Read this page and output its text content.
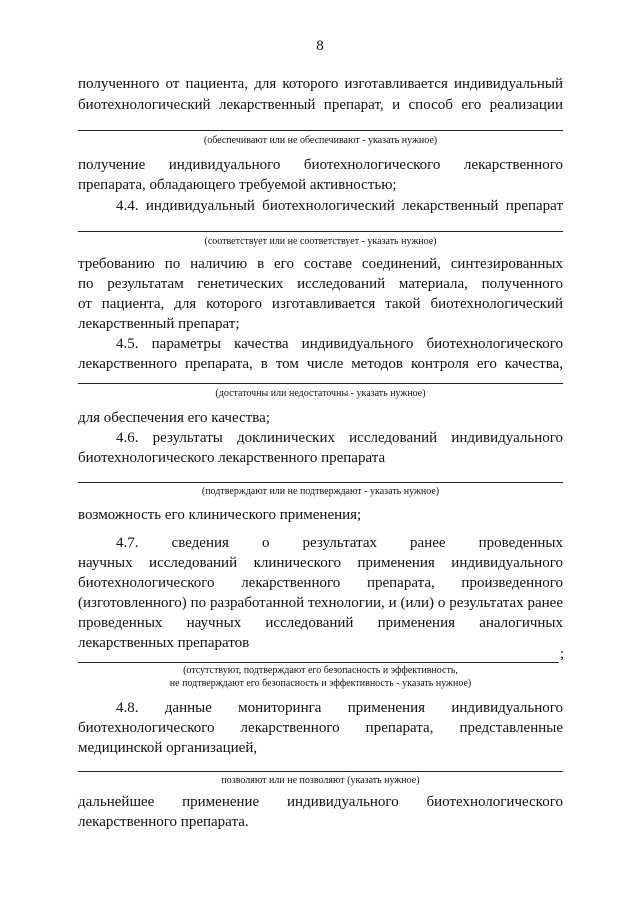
8
полученного от пациента, для которого изготавливается индивидуальный
биотехнологический лекарственный препарат, и способ его реализации
(обеспечивают или не обеспечивают - указать нужное)
получение индивидуального биотехнологического лекарственного
препарата, обладающего требуемой активностью;
4.4. индивидуальный биотехнологический лекарственный препарат
(соответствует или не соответствует - указать нужное)
требованию по наличию в его составе соединений, синтезированных
по результатам генетических исследований материала, полученного
от пациента, для которого изготавливается такой биотехнологический
лекарственный препарат;
4.5. параметры качества индивидуального биотехнологического
лекарственного препарата, в том числе методов контроля его качества,
(достаточны или недостаточны - указать нужное)
для обеспечения его качества;
4.6. результаты доклинических исследований индивидуального
биотехнологического лекарственного препарата
(подтверждают или не подтверждают - указать нужное)
возможность его клинического применения;
4.7. сведения о результатах ранее проведенных
научных исследований клинического применения индивидуального
биотехнологического лекарственного препарата, произведенного
(изготовленного) по разработанной технологии, и (или) о результатах ранее
проведенных научных исследований применения аналогичных
лекарственных препаратов
;
(отсутствуют, подтверждают его безопасность и эффективность,
не подтверждают его безопасность и эффективность - указать нужное)
4.8. данные мониторинга применения индивидуального
биотехнологического лекарственного препарата, представленные
медицинской организацией,
позволяют или не позволяют (указать нужное)
дальнейшее применение индивидуального биотехнологического
лекарственного препарата.
